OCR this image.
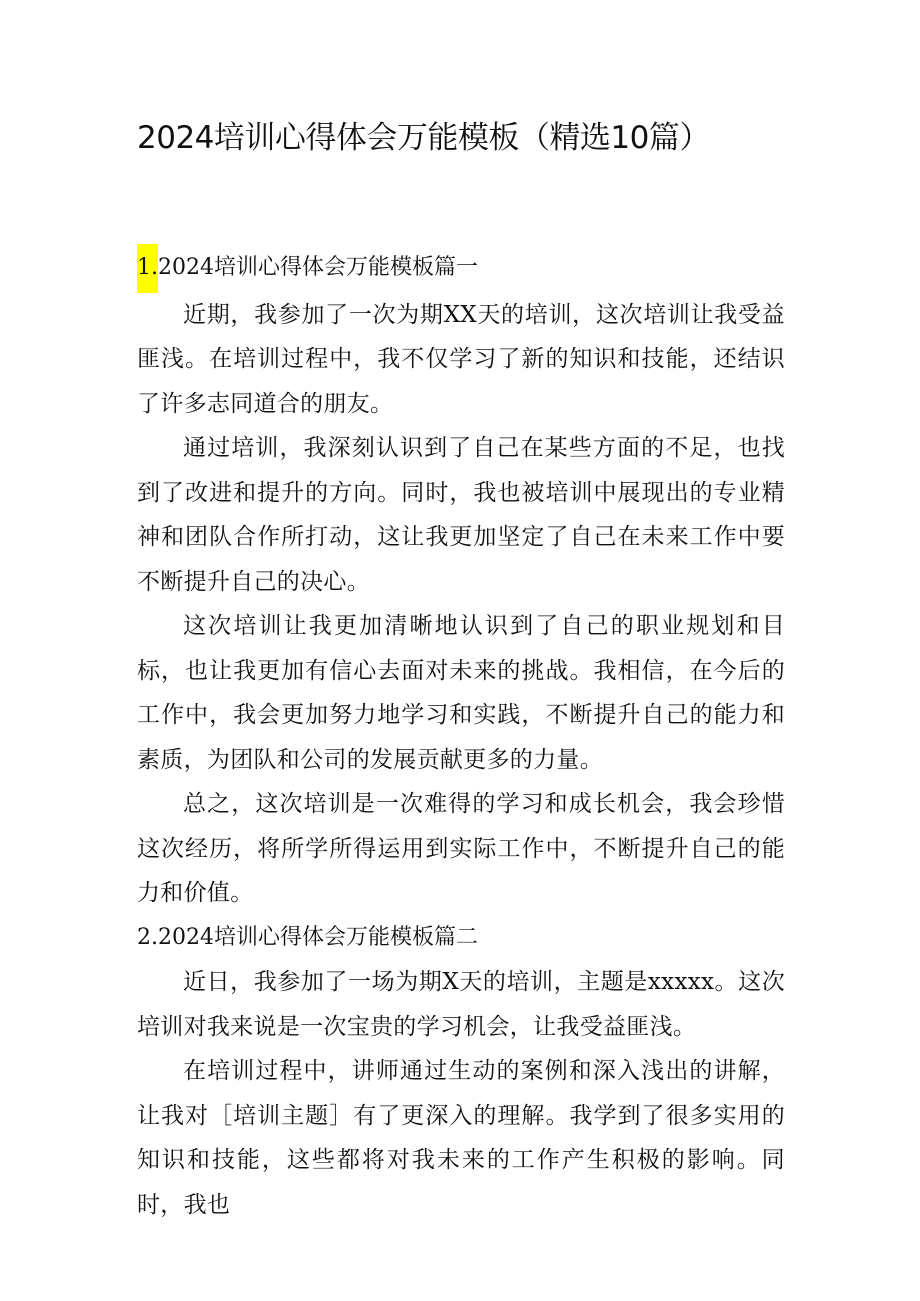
2024培训心得体会万能模板（精选10篇）
1.2024培训心得体会万能模板篇一

近期，我参加了一次为期XX天的培训，这次培训让我受益匪浅。在培训过程中，我不仅学习了新的知识和技能，还结识了许多志同道合的朋友。

通过培训，我深刻认识到了自己在某些方面的不足，也找到了改进和提升的方向。同时，我也被培训中展现出的专业精神和团队合作所打动，这让我更加坚定了自己在未来工作中要不断提升自己的决心。

这次培训让我更加清晰地认识到了自己的职业规划和目标，也让我更加有信心去面对未来的挑战。我相信，在今后的工作中，我会更加努力地学习和实践，不断提升自己的能力和素质，为团队和公司的发展贡献更多的力量。

总之，这次培训是一次难得的学习和成长机会，我会珍惜这次经历，将所学所得运用到实际工作中，不断提升自己的能力和价值。

2.2024培训心得体会万能模板篇二

近日，我参加了一场为期X天的培训，主题是xxxxx。这次培训对我来说是一次宝贵的学习机会，让我受益匪浅。

在培训过程中，讲师通过生动的案例和深入浅出的讲解，让我对［培训主题］有了更深入的理解。我学到了很多实用的知识和技能，这些都将对我未来的工作产生积极的影响。同时，我也
